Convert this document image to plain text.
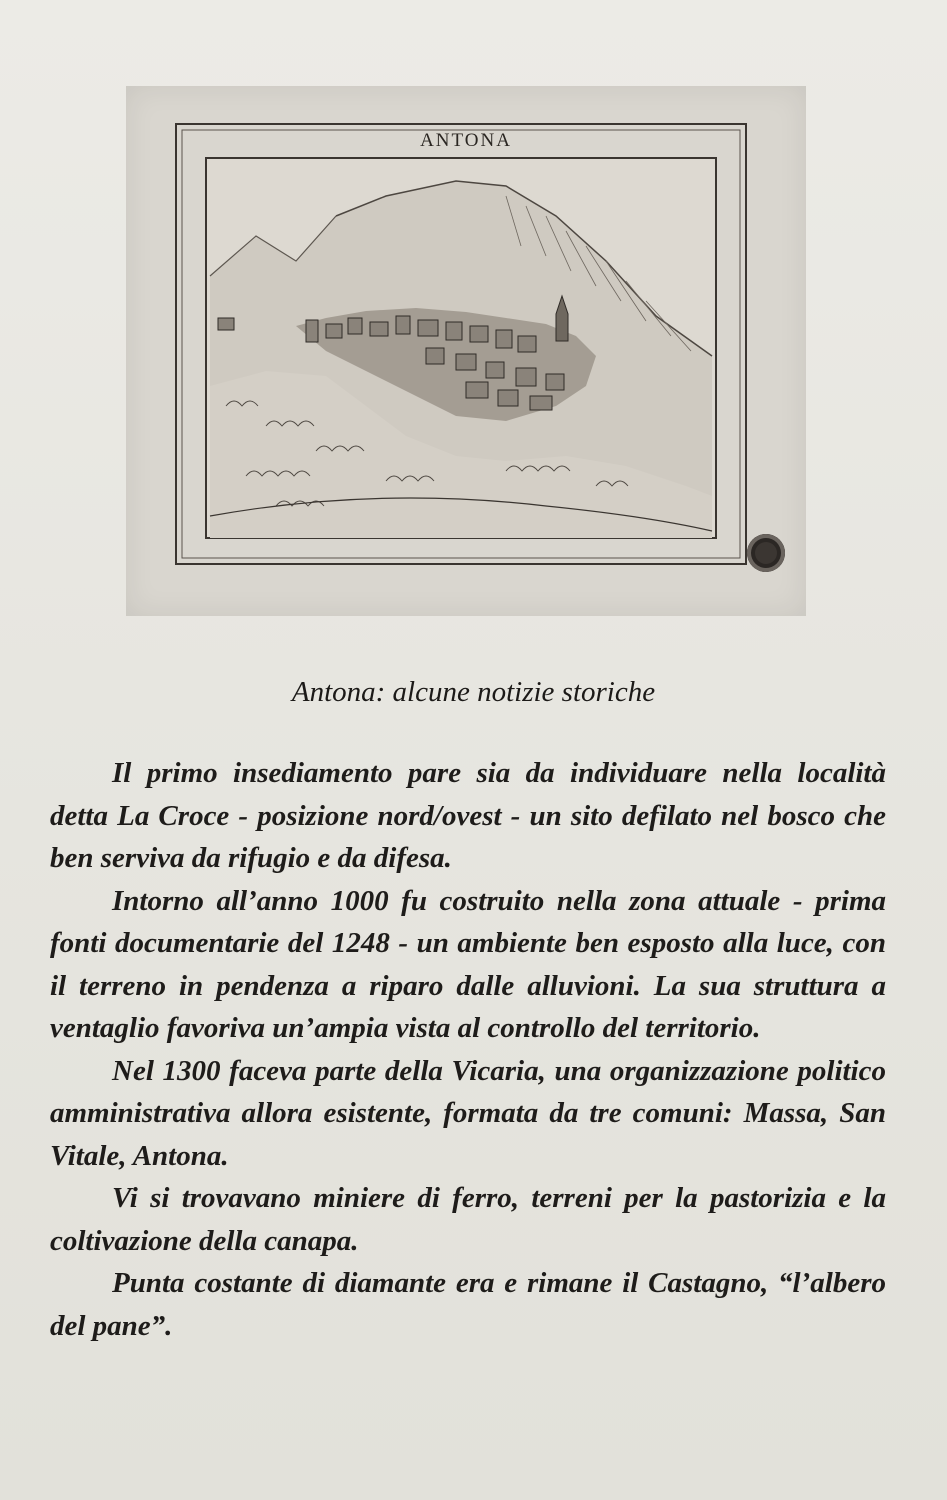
ANTONA
Antona: alcune notizie storiche

Il primo insediamento pare sia da individuare nella località detta La Croce - posizione nord/ovest - un sito defilato nel bosco che ben serviva da rifugio e da difesa.

Intorno all’anno 1000 fu costruito nella zona attuale - prima fonti documentarie del 1248 - un ambiente ben esposto alla luce, con il terreno in pendenza a riparo dalle alluvioni. La sua struttura a ventaglio favoriva un’ampia vista al controllo del territorio.

Nel 1300 faceva parte della Vicaria, una organizzazione politico amministrativa allora esistente, formata da tre comuni: Massa, San Vitale, Antona.

Vi si trovavano miniere di ferro, terreni per la pastorizia e la coltivazione della canapa.

Punta costante di diamante era e rimane il Castagno, “l’albero del pane”.
